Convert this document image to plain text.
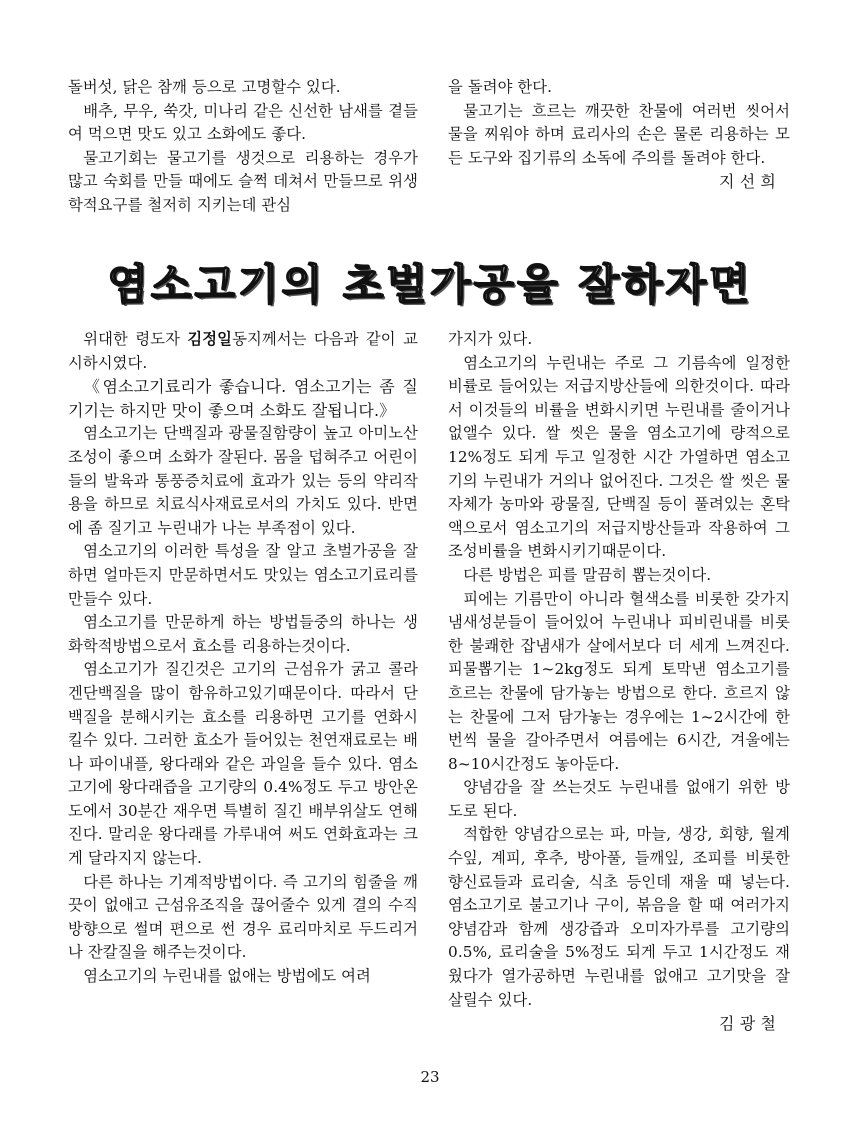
돌버섯, 닭은 참깨 등으로 고명할수 있다.

배추, 무우, 쑥갓, 미나리 같은 신선한 남새를 곁들여 먹으면 맛도 있고 소화에도 좋다.

물고기회는 물고기를 생것으로 리용하는 경우가 많고 숙회를 만들 때에도 슬쩍 데쳐서 만들므로 위생학적요구를 철저히 지키는데 관심

을 돌려야 한다.

물고기는 흐르는 깨끗한 찬물에 여러번 씻어서 물을 찌워야 하며 료리사의 손은 물론 리용하는 모든 도구와 집기류의 소독에 주의를 돌려야 한다.

지 선 희

염소고기의 초벌가공을 잘하자면

위대한 령도자 김정일동지께서는 다음과 같이 교시하시였다.

《염소고기료리가 좋습니다. 염소고기는 좀 질기기는 하지만 맛이 좋으며 소화도 잘됩니다.》

염소고기는 단백질과 광물질함량이 높고 아미노산조성이 좋으며 소화가 잘된다. 몸을 덥혀주고 어린이들의 발육과 통풍증치료에 효과가 있는 등의 약리작용을 하므로 치료식사재료로서의 가치도 있다. 반면에 좀 질기고 누린내가 나는 부족점이 있다.

염소고기의 이러한 특성을 잘 알고 초벌가공을 잘하면 얼마든지 만문하면서도 맛있는 염소고기료리를 만들수 있다.

염소고기를 만문하게 하는 방법들중의 하나는 생화학적방법으로서 효소를 리용하는것이다.

염소고기가 질긴것은 고기의 근섬유가 굵고 콜라겐단백질을 많이 함유하고있기때문이다. 따라서 단백질을 분해시키는 효소를 리용하면 고기를 연화시킬수 있다. 그러한 효소가 들어있는 천연재료로는 배나 파이내플, 왕다래와 같은 과일을 들수 있다. 염소고기에 왕다래즙을 고기량의 0.4%정도 두고 방안온도에서 30분간 재우면 특별히 질긴 배부위살도 연해진다. 말리운 왕다래를 가루내여 써도 연화효과는 크게 달라지지 않는다.

다른 하나는 기계적방법이다. 즉 고기의 힘줄을 깨끗이 없애고 근섬유조직을 끊어줄수 있게 결의 수직방향으로 썰며 편으로 썬 경우 료리마치로 두드리거나 잔칼질을 해주는것이다.

염소고기의 누린내를 없애는 방법에도 여려

가지가 있다.

염소고기의 누린내는 주로 그 기름속에 일정한 비률로 들어있는 저급지방산들에 의한것이다. 따라서 이것들의 비률을 변화시키면 누린내를 줄이거나 없앨수 있다. 쌀 씻은 물을 염소고기에 량적으로 12%정도 되게 두고 일정한 시간 가열하면 염소고기의 누린내가 거의나 없어진다. 그것은 쌀 씻은 물 자체가 농마와 광물질, 단백질 등이 풀려있는 혼탁액으로서 염소고기의 저급지방산들과 작용하여 그 조성비률을 변화시키기때문이다.

다른 방법은 피를 말끔히 뽑는것이다.

피에는 기름만이 아니라 혈색소를 비롯한 갖가지 냄새성분들이 들어있어 누린내나 피비린내를 비롯한 불쾌한 잡냄새가 살에서보다 더 세게 느껴진다. 피물뽑기는 1~2kg정도 되게 토막낸 염소고기를 흐르는 찬물에 담가놓는 방법으로 한다. 흐르지 않는 찬물에 그저 담가놓는 경우에는 1~2시간에 한번씩 물을 갈아주면서 여름에는 6시간, 겨울에는 8~10시간정도 놓아둔다.

양념감을 잘 쓰는것도 누린내를 없애기 위한 방도로 된다.

적합한 양념감으로는 파, 마늘, 생강, 회향, 월계수잎, 계피, 후추, 방아풀, 들깨잎, 조피를 비롯한 향신료들과 료리술, 식초 등인데 재울 때 넣는다. 염소고기로 불고기나 구이, 볶음을 할 때 여러가지 양념감과 함께 생강즙과 오미자가루를 고기량의 0.5%, 료리술을 5%정도 되게 두고 1시간정도 재웠다가 열가공하면 누린내를 없애고 고기맛을 잘 살릴수 있다.

김 광 철

23
